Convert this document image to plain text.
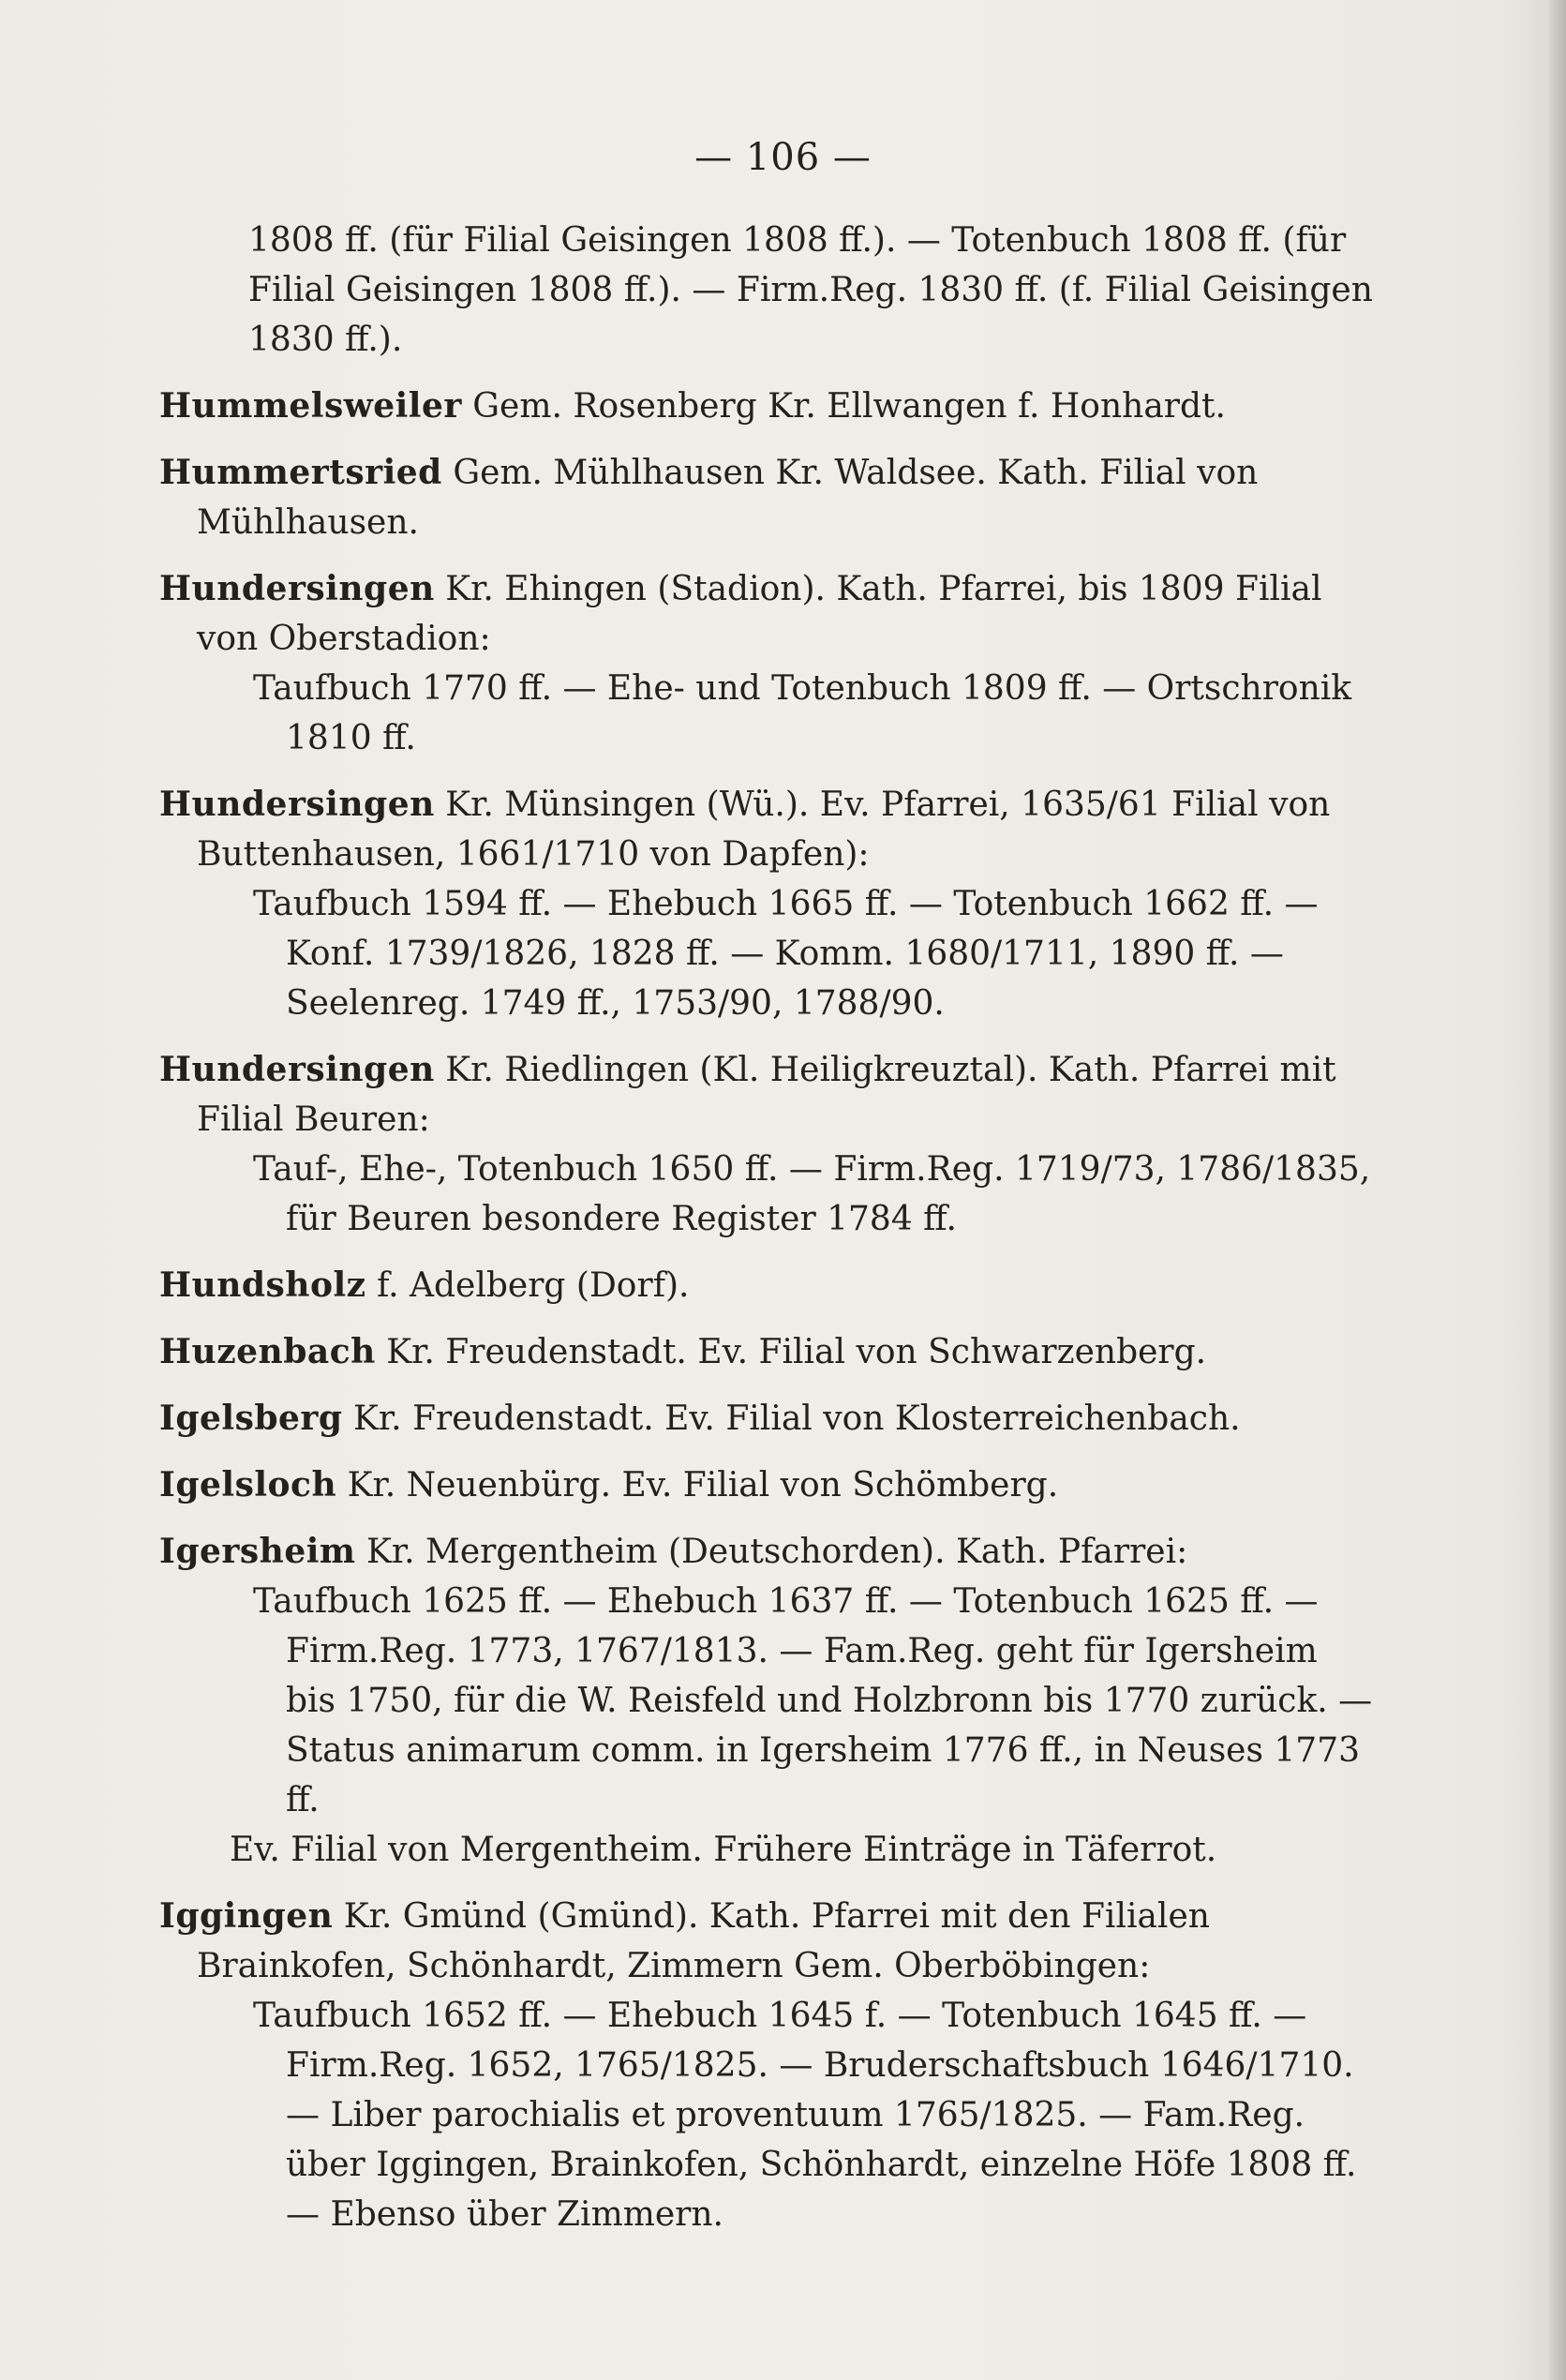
— 106 —
1808 ff. (für Filial Geisingen 1808 ff.). — Totenbuch 1808 ff. (für Filial Geisingen 1808 ff.). — Firm.Reg. 1830 ff. (f. Filial Geisingen 1830 ff.).
Hummelsweiler Gem. Rosenberg Kr. Ellwangen f. Honhardt.
Hummertsried Gem. Mühlhausen Kr. Waldsee. Kath. Filial von Mühlhausen.
Hundersingen Kr. Ehingen (Stadion). Kath. Pfarrei, bis 1809 Filial von Oberstadion:
Taufbuch 1770 ff. — Ehe- und Totenbuch 1809 ff. — Ortschronik 1810 ff.
Hundersingen Kr. Münsingen (Wü.). Ev. Pfarrei, 1635/61 Filial von Buttenhausen, 1661/1710 von Dapfen):
Taufbuch 1594 ff. — Ehebuch 1665 ff. — Totenbuch 1662 ff. — Konf. 1739/1826, 1828 ff. — Komm. 1680/1711, 1890 ff. — Seelenreg. 1749 ff., 1753/90, 1788/90.
Hundersingen Kr. Riedlingen (Kl. Heiligkreuztal). Kath. Pfarrei mit Filial Beuren:
Tauf-, Ehe-, Totenbuch 1650 ff. — Firm.Reg. 1719/73, 1786/1835, für Beuren besondere Register 1784 ff.
Hundsholz f. Adelberg (Dorf).
Huzenbach Kr. Freudenstadt. Ev. Filial von Schwarzenberg.
Igelsberg Kr. Freudenstadt. Ev. Filial von Klosterreichenbach.
Igelsloch Kr. Neuenbürg. Ev. Filial von Schömberg.
Igersheim Kr. Mergentheim (Deutschorden). Kath. Pfarrei:
Taufbuch 1625 ff. — Ehebuch 1637 ff. — Totenbuch 1625 ff. — Firm.Reg. 1773, 1767/1813. — Fam.Reg. geht für Igersheim bis 1750, für die W. Reisfeld und Holzbronn bis 1770 zurück. — Status animarum comm. in Igersheim 1776 ff., in Neuses 1773 ff.
Ev. Filial von Mergentheim. Frühere Einträge in Täferrot.
Iggingen Kr. Gmünd (Gmünd). Kath. Pfarrei mit den Filialen Brainkofen, Schönhardt, Zimmern Gem. Oberböbingen:
Taufbuch 1652 ff. — Ehebuch 1645 f. — Totenbuch 1645 ff. — Firm.Reg. 1652, 1765/1825. — Bruderschaftsbuch 1646/1710. — Liber parochialis et proventuum 1765/1825. — Fam.Reg. über Iggingen, Brainkofen, Schönhardt, einzelne Höfe 1808 ff. — Ebenso über Zimmern.
